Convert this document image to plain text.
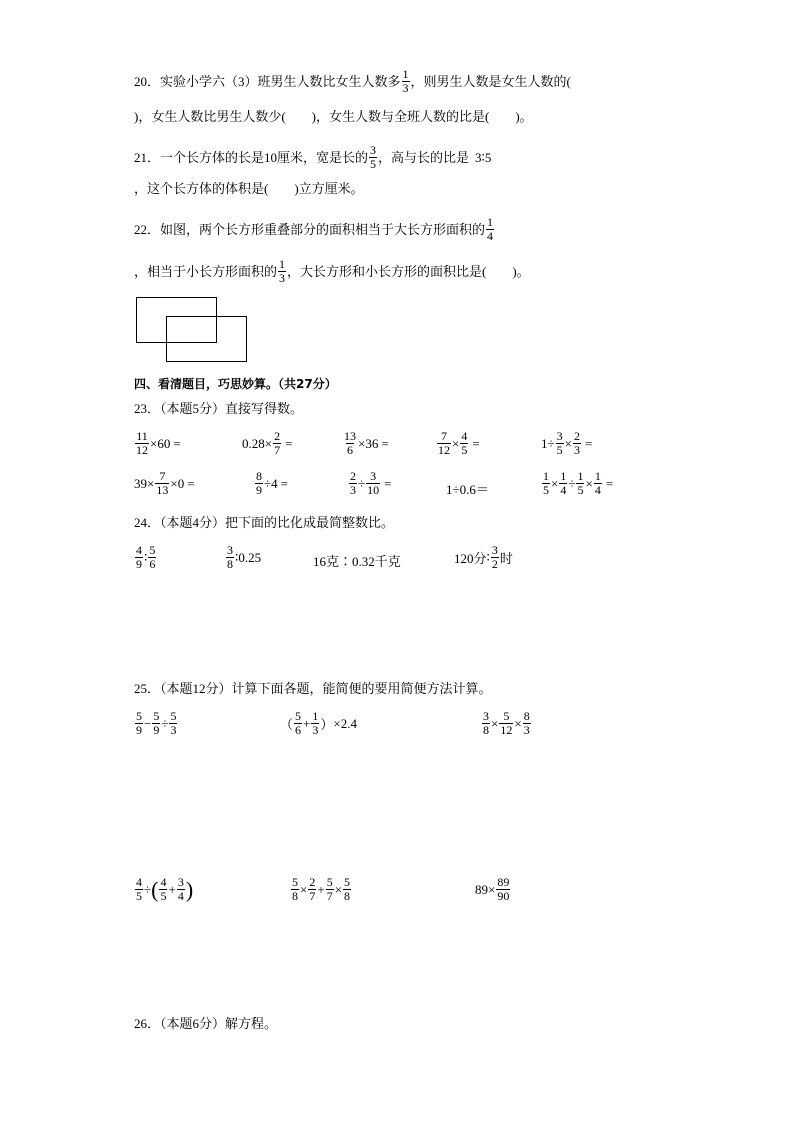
20．实验小学六（3）班男生人数比女生人数多 $\frac{1}{3}$ ，则男生人数是女生人数的(
)，女生人数比男生人数少(　　)，女生人数与全班人数的比是(　　)。
21．一个长方体的长是10厘米，宽是长的 $\frac{3}{5}$ ，高与长的比是 3∶5
，这个长方体的体积是(　　)立方厘米。
22．如图，两个长方形重叠部分的面积相当于大长方形面积的 $\frac{1}{4}$
，相当于小长方形面积的 $\frac{1}{3}$ ，大长方形和小长方形的面积比是(　　)。
四、看清题目，巧思妙算。（共27分）
23．（本题5分）直接写得数。
$\frac{11}{12} \times 60$ =	$0.28 \times \frac{2}{7}$ =	$\frac{13}{6} \times 36$ =	$\frac{7}{12} \times \frac{4}{5}$ =	$1 \div \frac{3}{5} \times \frac{2}{3}$ =
$39 \times \frac{7}{13} \times 0$ =	$\frac{8}{9} \div 4$ =	$\frac{2}{3} \div \frac{3}{10}$ =	1÷0.6＝	$\frac{1}{5} \times \frac{1}{4} \div \frac{1}{5} \times \frac{1}{4}$ =
24．（本题4分）把下面的比化成最简整数比。
$\frac{4}{9}$ ∶ $\frac{5}{6}$	$\frac{3}{8}$ ∶ 0.25	16克∶0.32千克	120分 ∶ $\frac{3}{2}$ 时
25．（本题12分）计算下面各题，能简便的要用简便方法计算。
$\frac{5}{9} - \frac{5}{9} \div \frac{5}{3}$	（ $\frac{5}{6} + \frac{1}{3}$ ） × 2.4	$\frac{3}{8} \times \frac{5}{12} \times \frac{8}{3}$
$\frac{4}{5}$ ÷ ( $\frac{4}{5} + \frac{3}{4}$ )	$\frac{5}{8} \times \frac{2}{7} + \frac{5}{7} \times \frac{5}{8}$	$89 \times \frac{89}{90}$
26．（本题6分）解方程。
